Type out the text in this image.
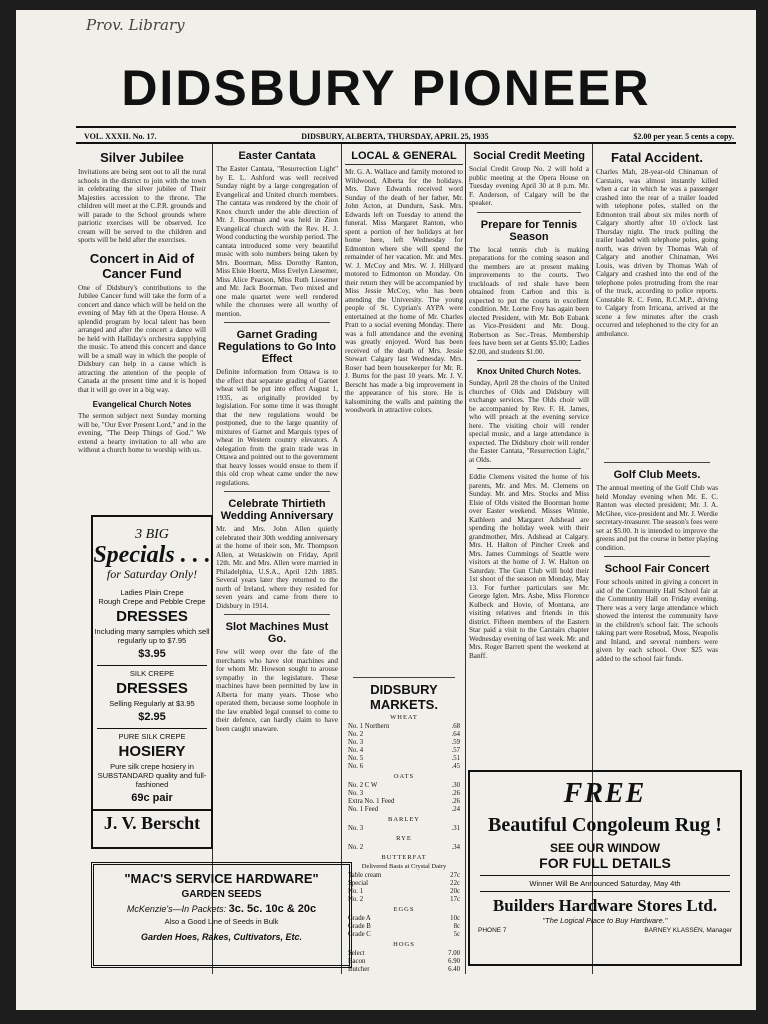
Prov. Library
DIDSBURY PIONEER
VOL. XXXII. No. 17.	DIDSBURY, ALBERTA, THURSDAY, APRIL 25, 1935	$2.00 per year. 5 cents a copy.
Silver Jubilee

Invitations are being sent out to all the rural schools in the district to join with the town in celebrating the silver jubilee of Their Majesties accession to the throne. The children will meet at the C.P.R. grounds and will parade to the School grounds where patriotic exercises will be observed. Ice cream will be served to the children and sports will be held after the exercises.

Concert in Aid of Cancer Fund

One of Didsbury's contributions to the Jubilee Cancer fund will take the form of a concert and dance which will be held on the evening of May 6th at the Opera House. A splendid program by local talent has been arranged and after the concert a dance will be held with Halliday's orchestra supplying the music. To attend this concert and dance will be a small way in which the people of Didsbury can help in a cause which is attracting the attention of the people of Canada at the present time and it is hoped that it will go over in a big way.

Evangelical Church Notes

The sermon subject next Sunday morning will be, "Our Ever Present Lord," and in the evening, "The Deep Things of God." We extend a hearty invitation to all who are without a church home to worship with us.

3 BIG
Specials . . .
for Saturday Only!
Ladies Plain Crepe
Rough Crepe and Pebble Crepe
DRESSES
Including many samples which sell regularly up to $7.95
$3.95
SILK CREPE
DRESSES
Selling Regularly at $3.95
$2.95
PURE SILK CREPE
HOSIERY
Pure silk crepe hosiery in SUBSTANDARD quality and full-fashioned
69c pair
J. V. Berscht
Easter Cantata

The Easter Cantata, "Resurrection Light" by E. L. Ashford was well received Sunday night by a large congregation of Evangelical and United church members. The cantata was rendered by the choir of Knox church under the able direction of Mr. J. Boorman and was held in Zion Evangelical church with the Rev. H. J. Wood conducting the worship period. The cantata introduced some very beautiful music with solo numbers being taken by Mrs. Boorman, Miss Dorothy Ranton, Miss Elsie Hoertz, Miss Evelyn Liesemer, Miss Alice Pearson, Miss Ruth Liesemer and Mr. Jack Boorman. Two mixed and one male quartet were well rendered while the choruses were all worthy of mention.

Garnet Grading Regulations to Go Into Effect

Definite information from Ottawa is to the effect that separate grading of Garnet wheat will be put into effect August 1, 1935, as originally provided by legislation. For some time it was thought that the new regulations would be postponed, due to the large quantity of mixtures of Garnet and Marquis types of wheat in Western country elevators. A delegation from the grain trade was in Ottawa and pointed out to the government that heavy losses would ensue to them if this old crop wheat came under the new regulations.

Celebrate Thirtieth Wedding Anniversary

Mr. and Mrs. John Allen quietly celebrated their 30th wedding anniversary at the home of their son, Mr. Thompson Allen, at Wetaskiwin on Friday, April 12th. Mr. and Mrs. Allen were married in Philadelphia, U.S.A., April 12th 1885. Several years later they returned to the north of Ireland, where they resided for seven years and came from there to Didsbury in 1914.

Slot Machines Must Go.

Few will weep over the fate of the merchants who have slot machines and for whom Mr. Howson sought to arouse sympathy in the legislature. These machines have been permitted by law in Alberta for many years. Those who operated them, because some loophole in the law enabled legal counsel to come to their defence, can hardly claim to have been caught unaware.

"MAC'S SERVICE HARDWARE"
GARDEN SEEDS
McKenzie's—In Packets: 3c. 5c. 10c & 20c
Also a Good Line of Seeds in Bulk
Garden Hoes, Rakes, Cultivators, Etc.
LOCAL & GENERAL

Mr. G. A. Wallace and family motored to Wildwood, Alberta for the holidays. Mrs. Dave Edwards received word Sunday of the death of her father, Mr. John Acton, at Dundurn, Sask. Mrs. Edwards left on Tuesday to attend the funeral. Miss Margaret Ranton, who spent a portion of her holidays at her home here, left Wednesday for Edmonton where she will spend the remainder of her vacation. Mr. and Mrs. W. J. McCoy and Mrs. W. J. Hillyard motored to Edmonton on Monday. On their return they will be accompanied by Miss Jessie McCoy, who has been attending the University. The young people of St. Cyprian's AYPA were entertained at the home of Mr. Charles Pratt to a social evening Monday. There was a full attendance and the evening was greatly enjoyed. Word has been received of the death of Mrs. Jessie Stewart Calgary last Wednesday. Mrs. Roser had been housekeeper for Mr. R. J. Burns for the past 10 years. Mr. J. V. Berscht has made a big improvement in the appearance of his store. He is kalsomining the walls and painting the woodwork in attractive colors.

DIDSBURY MARKETS.
WHEAT
No. 1 Northern	.68
No. 2	.64
No. 3	.59
No. 4	.57
No. 5	.51
No. 6	.45
OATS
No. 2 C W	.30
No. 3	.26
Extra No. 1 Feed	.26
No. 1 Feed	.24
BARLEY
No. 3	.31
RYE
No. 2	.34
BUTTERFAT
Delivered Basis at Crystal Dairy
Table cream	27c
Special	22c
No. 1	20c
No. 2	17c
EGGS
Grade A	10c
Grade B	8c
Grade C	5c
HOGS
Select	7.00
Bacon	6.90
Butcher	6.40
Social Credit Meeting

Social Credit Group No. 2 will hold a public meeting at the Opera House on Tuesday evening April 30 at 8 p.m. Mr. F. Anderson, of Calgary will be the speaker.

Prepare for Tennis Season

The local tennis club is making preparations for the coming season and the members are at present making improvements to the courts. Two truckloads of red shale have been obtained from Carbon and this is expected to put the courts in excellent condition. Mr. Lorne Frey has again been elected President, with Mr. Bob Eubank as Vice-President and Mr. Doug. Robertson as Sec.-Treas. Membership fees have been set at Gents $5.00; Ladies $2.00, and students $1.00.

Knox United Church Notes.

Sunday, April 28 the choirs of the United churches of Olds and Didsbury will exchange services. The Olds choir will be accompanied by Rev. F. H. James, who will preach at the evening service here. The visiting choir will render special music, and a large attendance is expected. The Didsbury choir will render the Easter Cantata, "Resurrection Light," at Olds.

Eddie Clemens visited the home of his parents, Mr. and Mrs. M. Clemens on Sunday. Mr. and Mrs. Stocks and Miss Elsie of Olds visited the Boorman home over Easter weekend. Misses Winnie, Kathleen and Margaret Adshead are spending the holiday week with their grandmother, Mrs. Adshead at Calgary. Mrs. H. Halton of Pincher Creek and Mrs. James Cummings of Seattle were visitors at the home of J. W. Halton on Saturday. The Gun Club will hold their 1st shoot of the season on Monday, May 13. For further particulars see Mr. George Iglen. Mrs. Ashe, Miss Florence Kulbeck and Hovie, of Montana, are visiting relatives and friends in this district. Fifteen members of the Eastern Star paid a visit to the Carstairs chapter Wednesday evening of last week. Mr. and Mrs. Roger Barrett spent the weekend at Banff.

Fatal Accident.

Charles Mah, 28-year-old Chinaman of Carstairs, was almost instantly killed when a car in which he was a passenger crashed into the rear of a trailer loaded with telephone poles, stalled on the Edmonton trail about six miles north of Calgary shortly after 10 o'clock last Thursday night. The truck pulling the trailer loaded with telephone poles, going north, was driven by Thomas Wah of Calgary and another Chinaman, Wei Louis, was driven by Thomas Wah of Calgary and crashed into the end of the telephone poles protruding from the rear of the truck, according to police reports. Constable R. C. Fenn, R.C.M.P., driving to Calgary from Irricana, arrived at the scene a few minutes after the crash occurred and telephoned to the city for an ambulance.

Golf Club Meets.

The annual meeting of the Golf Club was held Monday evening when Mr. E. C. Ranton was elected president; Mr. J. A. McGhee, vice-president and Mr. J. Werdie secretary-treasurer. The season's fees were set at $5.00. It is intended to improve the greens and put the course in better playing condition.

School Fair Concert

Four schools united in giving a concert in aid of the Community Hall School fair at the Community Hall on Friday evening. There was a very large attendance which showed the interest the community have in the children's school fair. The schools taking part were Rosebud, Moss, Neapolis and Inland, and several numbers were given by each school. Over $25 was added to the school fair funds.

FREE
Beautiful Congoleum Rug !
SEE OUR WINDOW
FOR FULL DETAILS
Winner Will Be Announced Saturday, May 4th
Builders Hardware Stores Ltd.
"The Logical Place to Buy Hardware."
PHONE 7	BARNEY KLASSEN, Manager
